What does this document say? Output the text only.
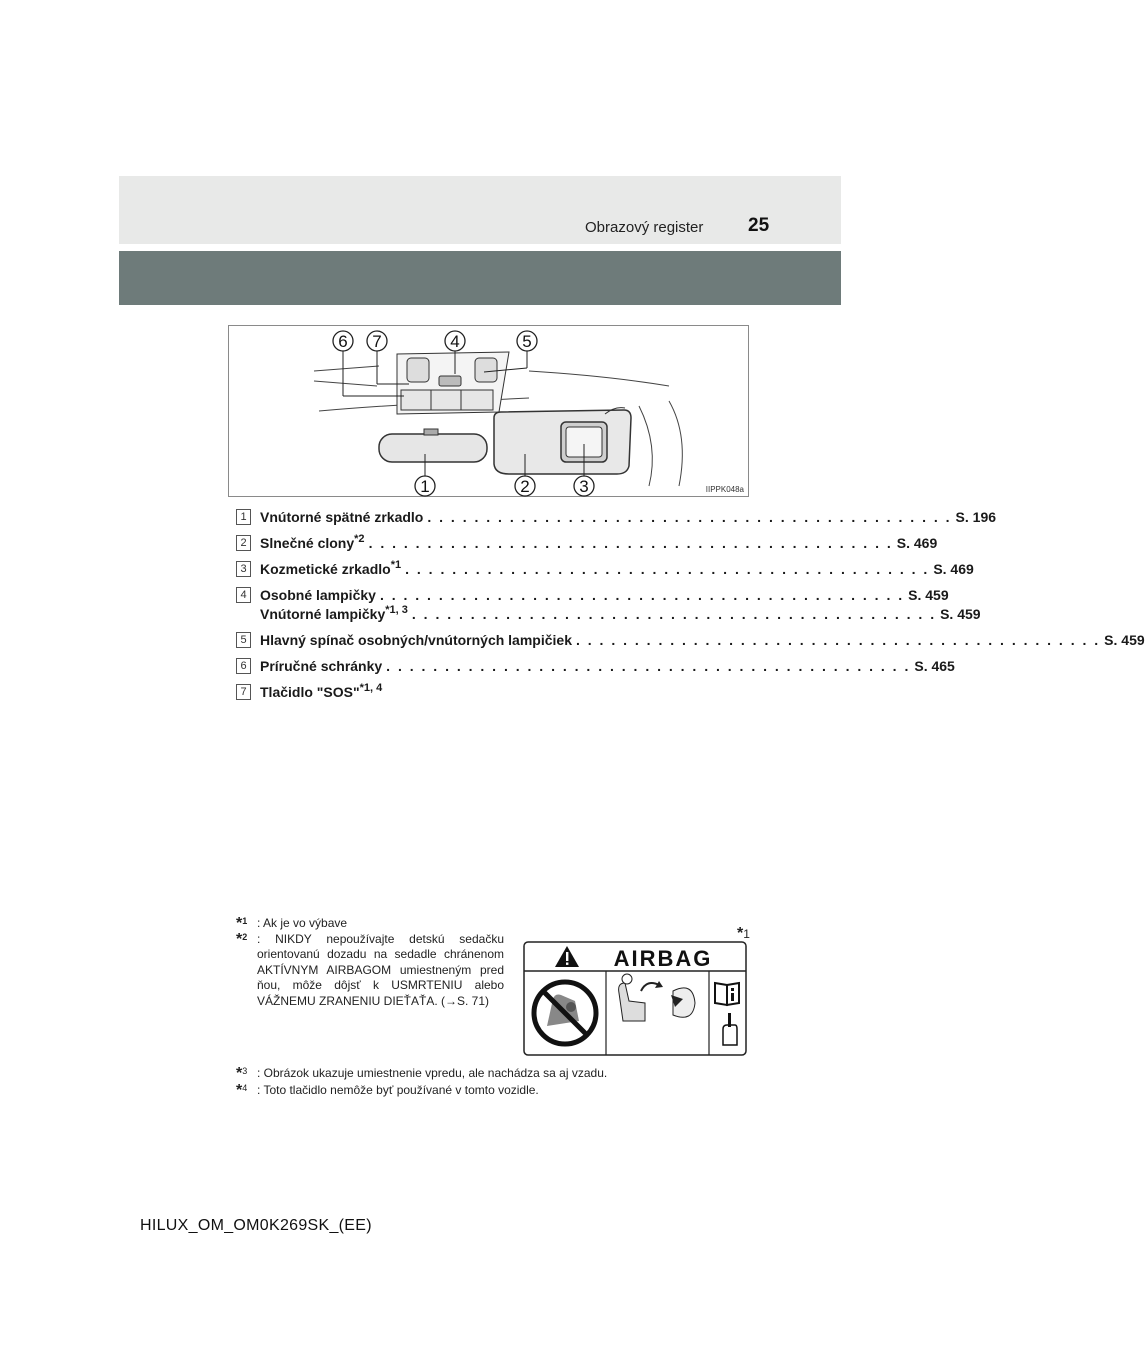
Obrazový register 25
6 7	4	5
1	2	3	IIPPK048a
1 Vnútorné spätné zrkadlo . . . . . . . . . . . . . . . . . . . . . . . . . . . . . . . . . . . . . . . . . . . . . S. 196
2 Slnečné clony$^{*2}$ . . . . . . . . . . . . . . . . . . . . . . . . . . . . . . . . . . . . . . . . . . . . . S. 469
3 Kozmetické zrkadlo$^{*1}$ . . . . . . . . . . . . . . . . . . . . . . . . . . . . . . . . . . . . . . . . . . . . . S. 469
4 Osobné lampičky . . . . . . . . . . . . . . . . . . . . . . . . . . . . . . . . . . . . . . . . . . . . . S. 459
Vnútorné lampičky$^{*1, 3}$ . . . . . . . . . . . . . . . . . . . . . . . . . . . . . . . . . . . . . . . . . . . . . S. 459
5 Hlavný spínač osobných/vnútorných lampičiek . . . . . . . . . . . . . . . . . . . . . . . . . . . . . . . . . . . . . . . . . . . . . S. 459
6 Príručné schránky . . . . . . . . . . . . . . . . . . . . . . . . . . . . . . . . . . . . . . . . . . . . . S. 465
7 Tlačidlo "SOS"$^{*1, 4}$
*$^1$ : Ak je vo výbave
*$^2$ : NIKDY nepoužívajte detskú sedačku orientovanú dozadu na sedadle chránenom AKTÍVNYM AIRBAGOM umiestneným pred ňou, môže dôjsť k USMRTENIU alebo VÁŽNEMU ZRANENIU DIEŤAŤA. (→S. 71)
*1
AIRBAG
*$^3$ : Obrázok ukazuje umiestnenie vpredu, ale nachádza sa aj vzadu.
*$^4$ : Toto tlačidlo nemôže byť používané v tomto vozidle.
HILUX_OM_OM0K269SK_(EE)
